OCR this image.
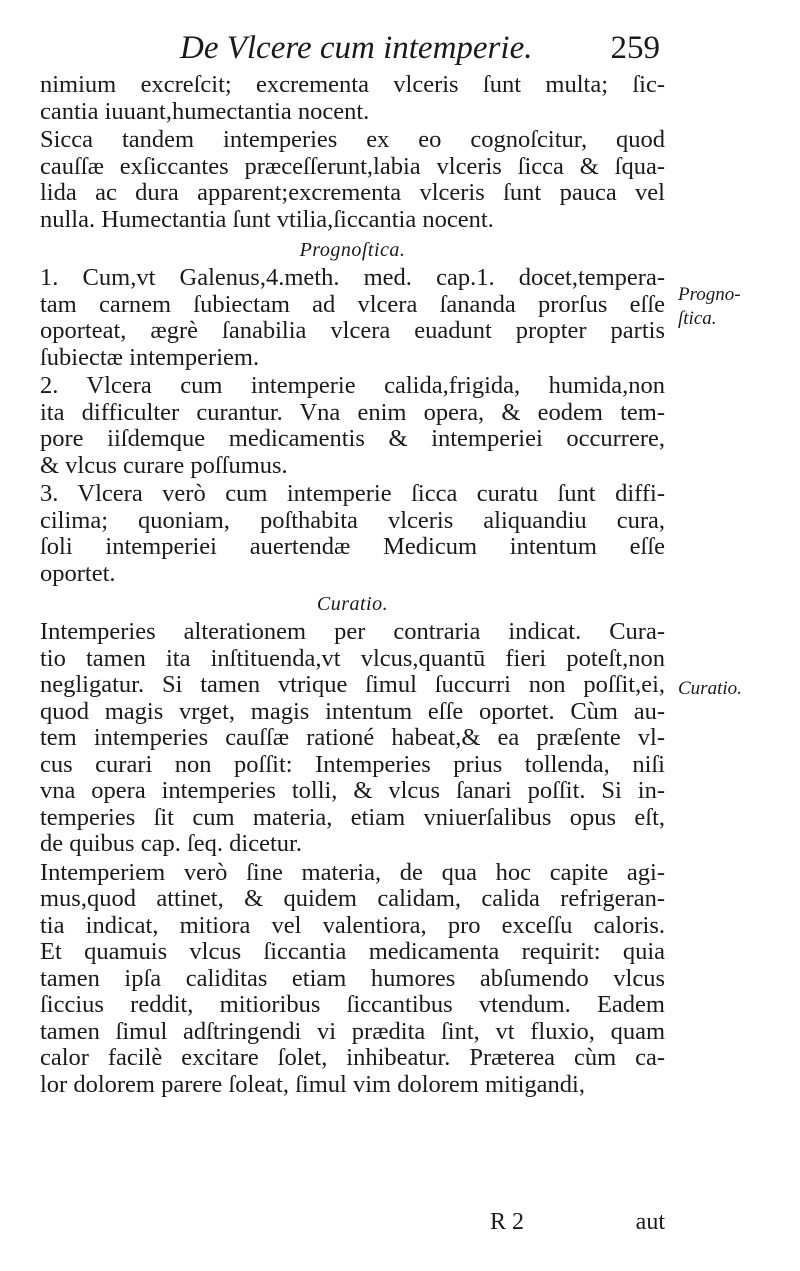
De Vlcere cum intemperie. 259
nimium excreſcit; excrementa vlceris ſunt multa; ſic-
cantia iuuant,humectantia nocent.
Sicca tandem intemperies ex eo cognoſcitur, quod
cauſſæ exſiccantes præceſſerunt,labia vlceris ſicca & ſqua-
lida ac dura apparent;excrementa vlceris ſunt pauca vel
nulla. Humectantia ſunt vtilia,ſiccantia nocent.
Prognoſtica.
1. Cum,vt Galenus,4.meth. med. cap.1. docet,tempera-
tam carnem ſubiectam ad vlcera ſananda prorſus eſſe
oporteat, ægrè ſanabilia vlcera euadunt propter partis
ſubiectæ intemperiem.
2. Vlcera cum intemperie calida,frigida, humida,non
ita difficulter curantur. Vna enim opera, & eodem tem-
pore iiſdemque medicamentis & intemperiei occurrere,
& vlcus curare poſſumus.
3. Vlcera verò cum intemperie ſicca curatu ſunt diffi-
cilima; quoniam, poſthabita vlceris aliquandiu cura,
ſoli intemperiei auertendæ Medicum intentum eſſe
oportet.
Curatio.
Intemperies alterationem per contraria indicat. Cura-
tio tamen ita inſtituenda,vt vlcus,quantū fieri poteſt,non
negligatur. Si tamen vtrique ſimul ſuccurri non poſſit,ei,
quod magis vrget, magis intentum eſſe oportet. Cùm au-
tem intemperies cauſſæ rationé habeat,& ea præſente vl-
cus curari non poſſit: Intemperies prius tollenda, niſi
vna opera intemperies tolli, & vlcus ſanari poſſit. Si in-
temperies ſit cum materia, etiam vniuerſalibus opus eſt,
de quibus cap. ſeq. dicetur.
Intemperiem verò ſine materia, de qua hoc capite agi-
mus,quod attinet, & quidem calidam, calida refrigeran-
tia indicat, mitiora vel valentiora, pro exceſſu caloris.
Et quamuis vlcus ſiccantia medicamenta requirit: quia
tamen ipſa caliditas etiam humores abſumendo vlcus
ſiccius reddit, mitioribus ſiccantibus vtendum. Eadem
tamen ſimul adſtringendi vi prædita ſint, vt fluxio, quam
calor facilè excitare ſolet, inhibeatur. Præterea cùm ca-
lor dolorem parere ſoleat, ſimul vim dolorem mitigandi,
Progno-
ſtica.
Curatio.
R 2	aut
